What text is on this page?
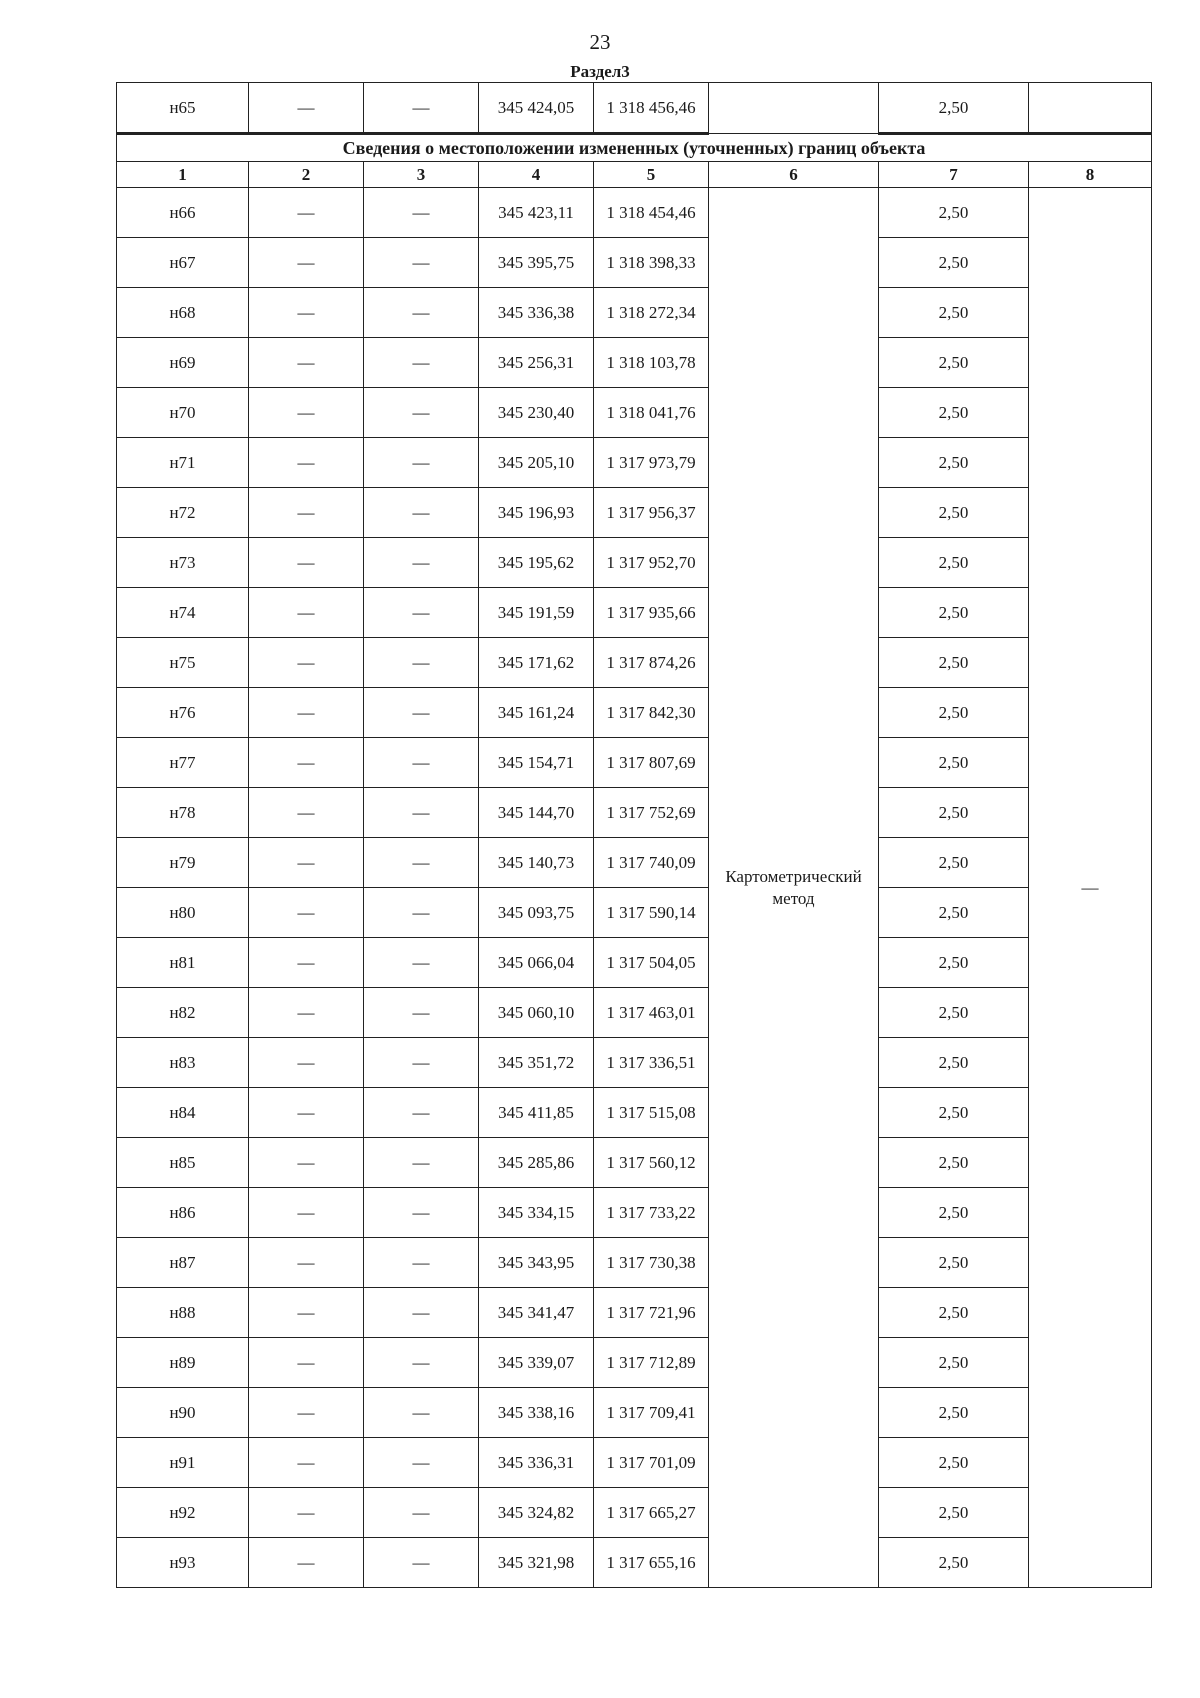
23
Раздел3
н65	—	—	345 424,05	1 318 456,46		2,50	
Сведения о местоположении измененных (уточненных) границ объекта							
1	2	3	4	5	6	7	8
н66	—	—	345 423,11	1 318 454,46	Картометрический метод	2,50	—
н67	—	—	345 395,75	1 318 398,33		2,50	
н68	—	—	345 336,38	1 318 272,34		2,50	
н69	—	—	345 256,31	1 318 103,78		2,50	
н70	—	—	345 230,40	1 318 041,76		2,50	
н71	—	—	345 205,10	1 317 973,79		2,50	
н72	—	—	345 196,93	1 317 956,37		2,50	
н73	—	—	345 195,62	1 317 952,70		2,50	
н74	—	—	345 191,59	1 317 935,66		2,50	
н75	—	—	345 171,62	1 317 874,26		2,50	
н76	—	—	345 161,24	1 317 842,30		2,50	
н77	—	—	345 154,71	1 317 807,69		2,50	
н78	—	—	345 144,70	1 317 752,69		2,50	
н79	—	—	345 140,73	1 317 740,09		2,50	
н80	—	—	345 093,75	1 317 590,14		2,50	
н81	—	—	345 066,04	1 317 504,05		2,50	
н82	—	—	345 060,10	1 317 463,01		2,50	
н83	—	—	345 351,72	1 317 336,51		2,50	
н84	—	—	345 411,85	1 317 515,08		2,50	
н85	—	—	345 285,86	1 317 560,12		2,50	
н86	—	—	345 334,15	1 317 733,22		2,50	
н87	—	—	345 343,95	1 317 730,38		2,50	
н88	—	—	345 341,47	1 317 721,96		2,50	
н89	—	—	345 339,07	1 317 712,89		2,50	
н90	—	—	345 338,16	1 317 709,41		2,50	
н91	—	—	345 336,31	1 317 701,09		2,50	
н92	—	—	345 324,82	1 317 665,27		2,50	
н93	—	—	345 321,98	1 317 655,16		2,50	
